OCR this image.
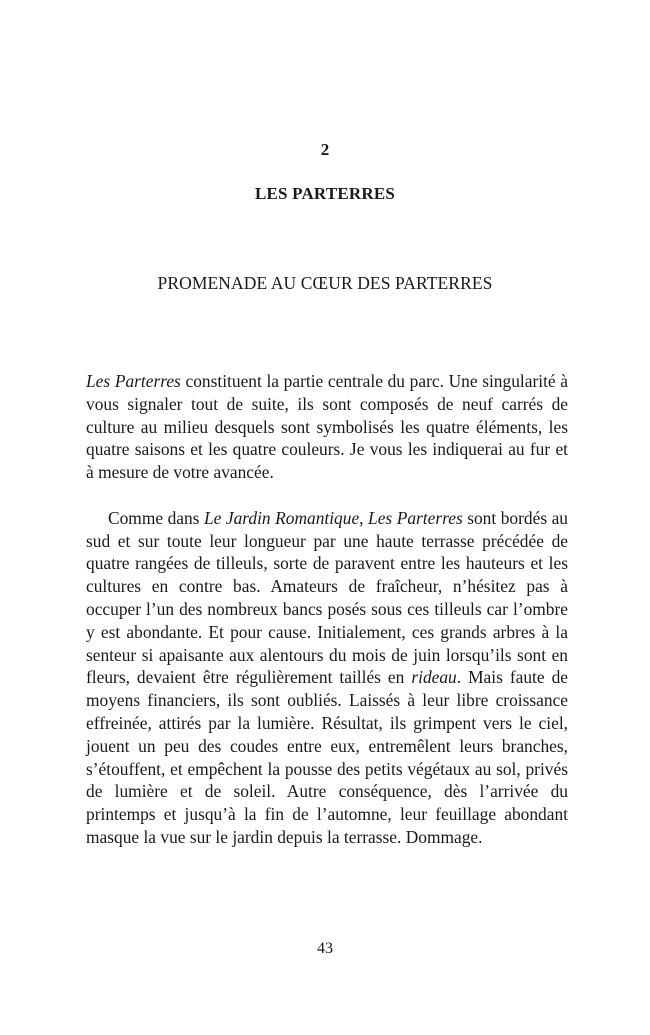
2
LES PARTERRES
PROMENADE AU CŒUR DES PARTERRES

Les Parterres constituent la partie centrale du parc. Une singularité à vous signaler tout de suite, ils sont composés de neuf carrés de culture au milieu desquels sont symbolisés les quatre éléments, les quatre saisons et les quatre couleurs. Je vous les indiquerai au fur et à mesure de votre avancée.

Comme dans Le Jardin Romantique, Les Parterres sont bordés au sud et sur toute leur longueur par une haute terrasse précédée de quatre rangées de tilleuls, sorte de paravent entre les hauteurs et les cultures en contre bas. Amateurs de fraîcheur, n’hésitez pas à occuper l’un des nombreux bancs posés sous ces tilleuls car l’ombre y est abondante. Et pour cause. Initialement, ces grands arbres à la senteur si apaisante aux alentours du mois de juin lorsqu’ils sont en fleurs, devaient être régulièrement taillés en rideau. Mais faute de moyens financiers, ils sont oubliés. Laissés à leur libre croissance effreinée, attirés par la lumière. Résultat, ils grimpent vers le ciel, jouent un peu des coudes entre eux, entremêlent leurs branches, s’étouffent, et empêchent la pousse des petits végétaux au sol, privés de lumière et de soleil. Autre conséquence, dès l’arrivée du printemps et jusqu’à la fin de l’automne, leur feuillage abondant masque la vue sur le jardin depuis la terrasse. Dommage.

43
